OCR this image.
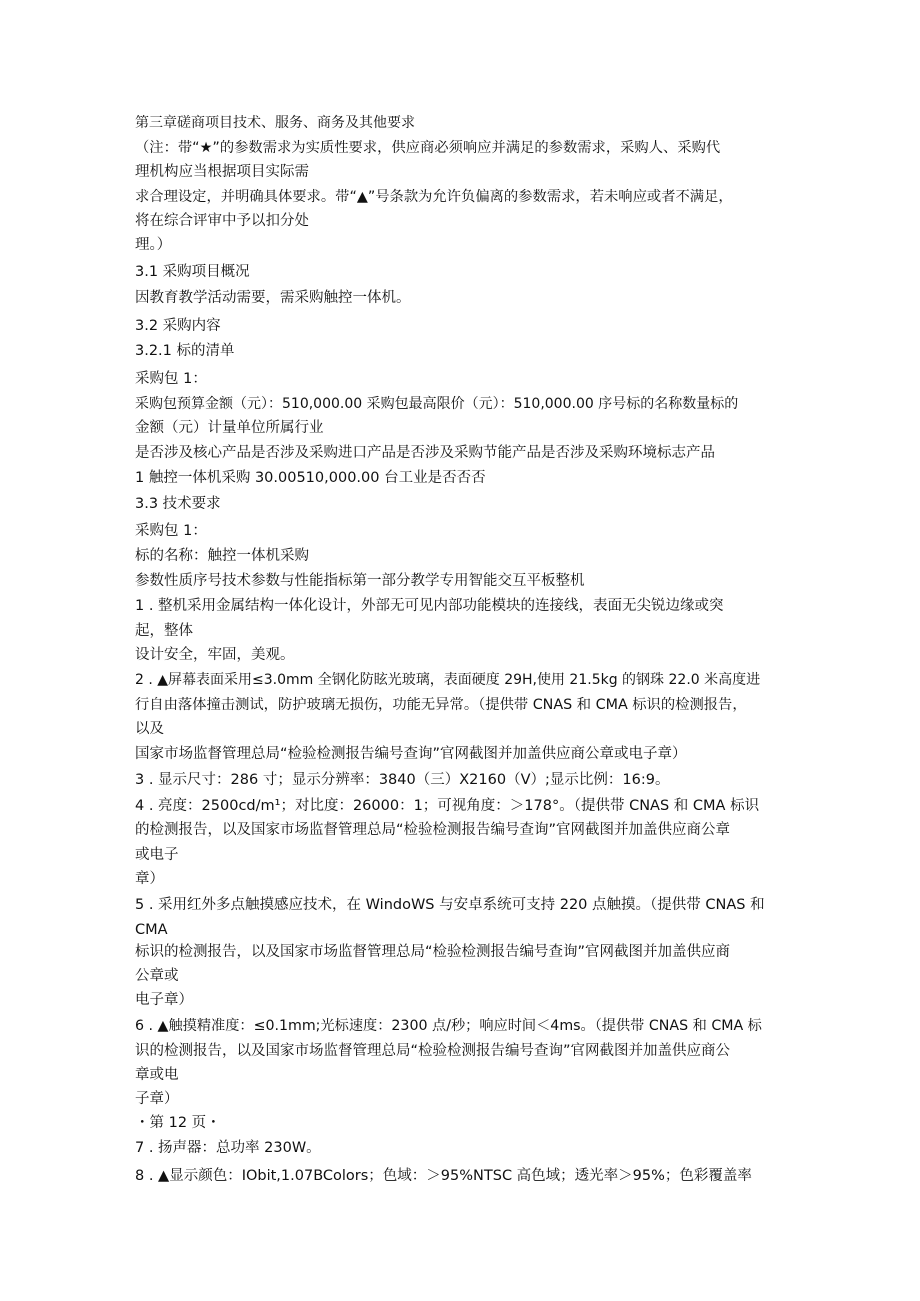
第三章磋商项目技术、服务、商务及其他要求
（注：带“★”的参数需求为实质性要求，供应商必须响应并满足的参数需求，采购人、采购代
理机构应当根据项目实际需
求合理设定，并明确具体要求。带“▲”号条款为允许负偏离的参数需求，若未响应或者不满足，
将在综合评审中予以扣分处
理。）
3.1 采购项目概况
因教育教学活动需要，需采购触控一体机。
3.2 采购内容
3.2.1 标的清单
采购包 1：
采购包预算金额（元）：510,000.00 采购包最高限价（元）：510,000.00 序号标的名称数量标的
金额（元）计量单位所属行业
是否涉及核心产品是否涉及采购进口产品是否涉及采购节能产品是否涉及采购环境标志产品
1 触控一体机采购 30.00510,000.00 台工业是否否否
3.3 技术要求
采购包 1：
标的名称：触控一体机采购
参数性质序号技术参数与性能指标第一部分教学专用智能交互平板整机
1 . 整机采用金属结构一体化设计，外部无可见内部功能模块的连接线，表面无尖锐边缘或突
起，整体
设计安全，牢固，美观。
2 . ▲屏幕表面采用≤3.0mm 全钢化防眩光玻璃，表面硬度 29H,使用 21.5kg 的钢珠 22.0 米高度进
行自由落体撞击测试，防护玻璃无损伤，功能无异常。（提供带 CNAS 和 CMA 标识的检测报告，
以及
国家市场监督管理总局“检验检测报告编号查询”官网截图并加盖供应商公章或电子章）
3 . 显示尺寸：286 寸；显示分辨率：3840（三）X2160（V）;显示比例：16:9。
4 . 亮度：2500cd/m¹；对比度：26000：1；可视角度：＞178°。（提供带 CNAS 和 CMA 标识
的检测报告，以及国家市场监督管理总局“检验检测报告编号查询”官网截图并加盖供应商公章
或电子
章）
5 . 采用红外多点触摸感应技术，在 WindoWS 与安卓系统可支持 220 点触摸。（提供带 CNAS 和
CMA
标识的检测报告，以及国家市场监督管理总局“检验检测报告编号查询”官网截图并加盖供应商
公章或
电子章）
6 . ▲触摸精准度：≤0.1mm;光标速度：2300 点/秒；响应时间＜4ms。（提供带 CNAS 和 CMA 标
识的检测报告，以及国家市场监督管理总局“检验检测报告编号查询”官网截图并加盖供应商公
章或电
子章）
・第 12 页・
7 . 扬声器：总功率 230W。
8 . ▲显示颜色：IObit,1.07BColors；色域：＞95%NTSC 高色域；透光率＞95%；色彩覆盖率
